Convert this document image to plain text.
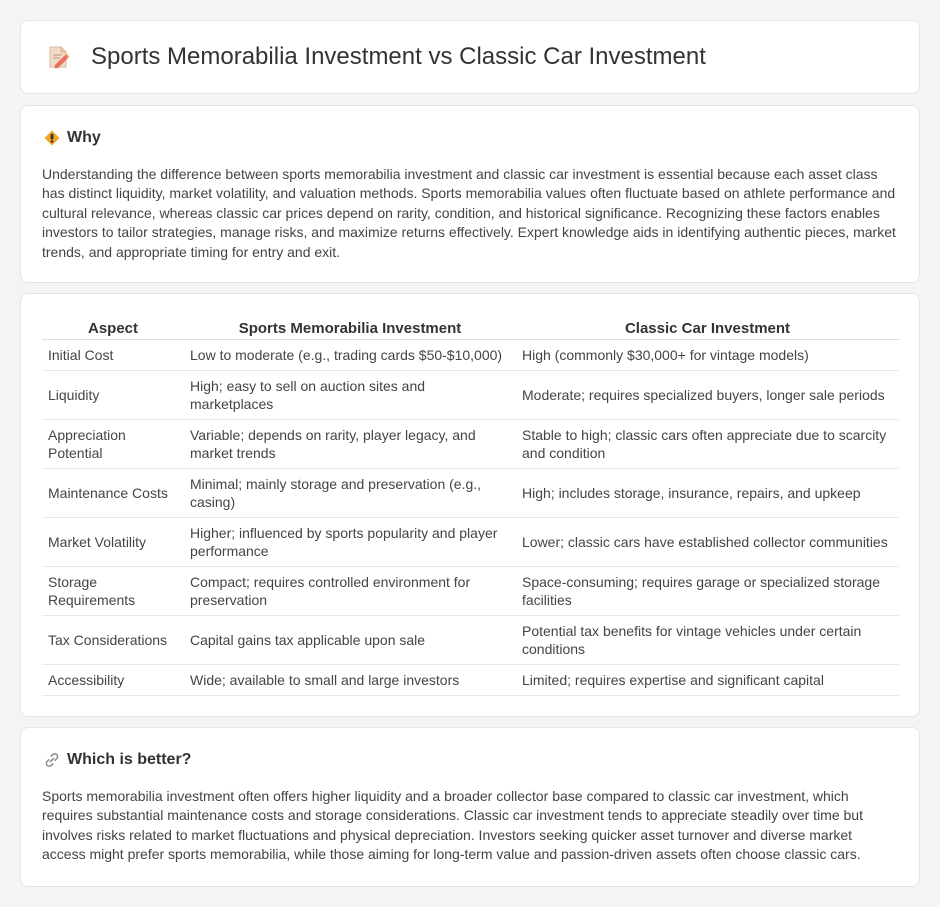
Sports Memorabilia Investment vs Classic Car Investment
Why

Understanding the difference between sports memorabilia investment and classic car investment is essential because each asset class has distinct liquidity, market volatility, and valuation methods. Sports memorabilia values often fluctuate based on athlete performance and cultural relevance, whereas classic car prices depend on rarity, condition, and historical significance. Recognizing these factors enables investors to tailor strategies, manage risks, and maximize returns effectively. Expert knowledge aids in identifying authentic pieces, market trends, and appropriate timing for entry and exit.

Aspect	Sports Memorabilia Investment	Classic Car Investment
Initial Cost	Low to moderate (e.g., trading cards $50-$10,000)	High (commonly $30,000+ for vintage models)
Liquidity	High; easy to sell on auction sites and marketplaces	Moderate; requires specialized buyers, longer sale periods
Appreciation Potential	Variable; depends on rarity, player legacy, and market trends	Stable to high; classic cars often appreciate due to scarcity and condition
Maintenance Costs	Minimal; mainly storage and preservation (e.g., casing)	High; includes storage, insurance, repairs, and upkeep
Market Volatility	Higher; influenced by sports popularity and player performance	Lower; classic cars have established collector communities
Storage Requirements	Compact; requires controlled environment for preservation	Space-consuming; requires garage or specialized storage facilities
Tax Considerations	Capital gains tax applicable upon sale	Potential tax benefits for vintage vehicles under certain conditions
Accessibility	Wide; available to small and large investors	Limited; requires expertise and significant capital
Which is better?

Sports memorabilia investment often offers higher liquidity and a broader collector base compared to classic car investment, which requires substantial maintenance costs and storage considerations. Classic car investment tends to appreciate steadily over time but involves risks related to market fluctuations and physical depreciation. Investors seeking quicker asset turnover and diverse market access might prefer sports memorabilia, while those aiming for long-term value and passion-driven assets often choose classic cars.
